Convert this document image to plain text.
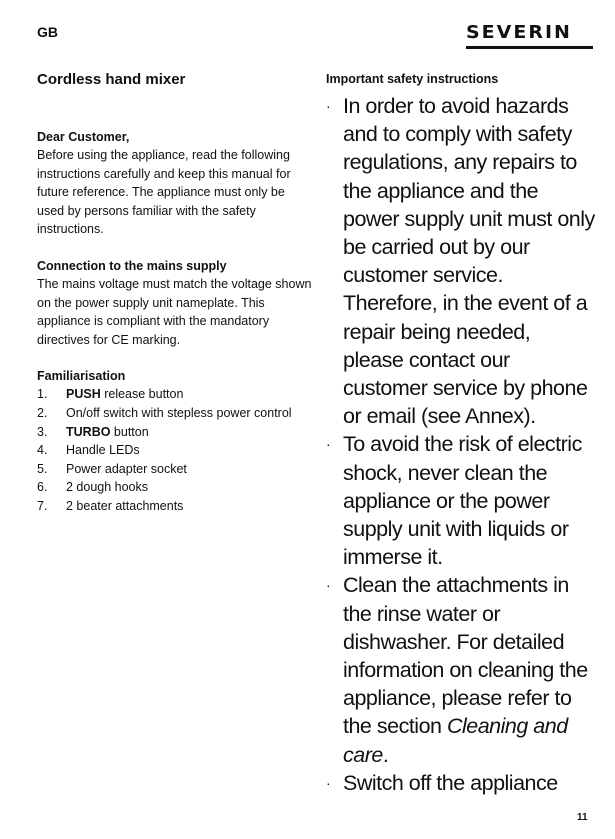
GB	SEVERIN
Cordless hand mixer
Dear Customer,
Before using the appliance, read the following instructions carefully and keep this manual for future reference. The appliance must only be used by persons familiar with the safety instructions.
Connection to the mains supply
The mains voltage must match the voltage shown on the power supply unit nameplate. This appliance is compliant with the mandatory directives for CE marking.
Familiarisation
1.	PUSH release button
2.	On/off switch with stepless power control
3.	TURBO button
4.	Handle LEDs
5.	Power adapter socket
6.	2 dough hooks
7.	2 beater attachments
Important safety instructions
· In order to avoid hazards and to comply with safety regulations, any repairs to the appliance and the power supply unit must only be carried out by our customer service. Therefore, in the event of a repair being needed, please contact our customer service by phone or email (see Annex).
· To avoid the risk of electric shock, never clean the appliance or the power supply unit with liquids or immerse it.
· Clean the attachments in the rinse water or dishwasher. For detailed information on cleaning the appliance, please refer to the section Cleaning and care.
· Switch off the appliance
11
